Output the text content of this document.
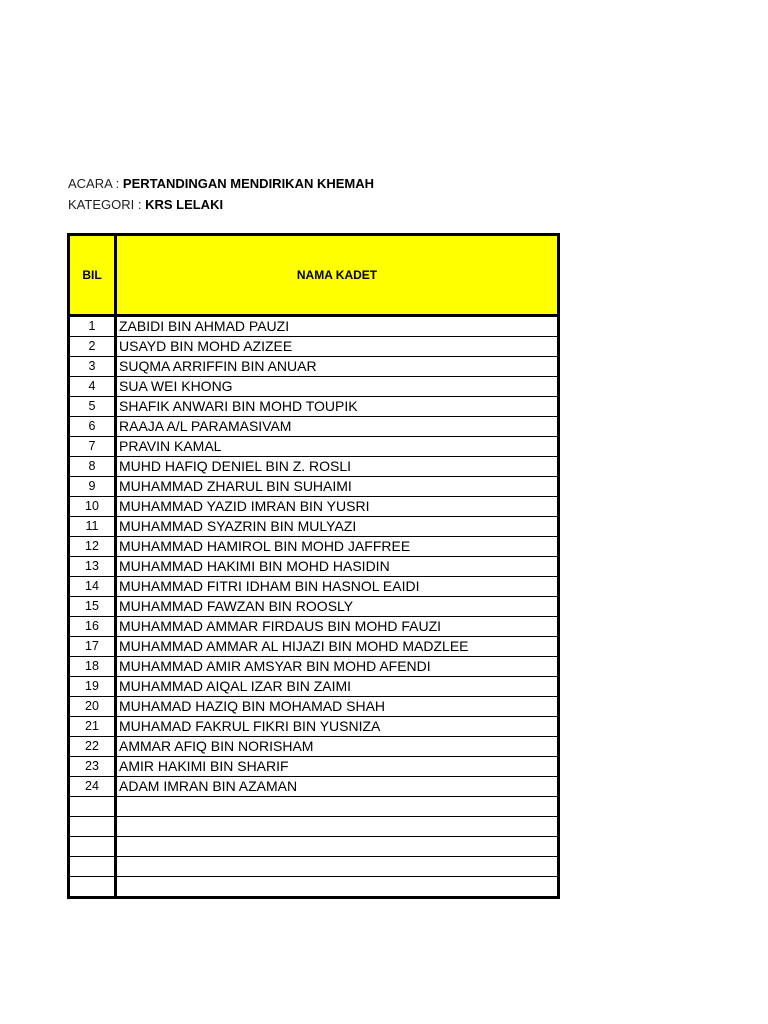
ACARA : PERTANDINGAN MENDIRIKAN KHEMAH
KATEGORI : KRS LELAKI
BIL	NAMA KADET
1	ZABIDI BIN AHMAD PAUZI
2	USAYD BIN MOHD AZIZEE
3	SUQMA ARRIFFIN BIN ANUAR
4	SUA WEI KHONG
5	SHAFIK ANWARI BIN MOHD TOUPIK
6	RAAJA A/L PARAMASIVAM
7	PRAVIN KAMAL
8	MUHD HAFIQ DENIEL BIN Z. ROSLI
9	MUHAMMAD ZHARUL BIN SUHAIMI
10	MUHAMMAD YAZID IMRAN BIN YUSRI
11	MUHAMMAD SYAZRIN BIN MULYAZI
12	MUHAMMAD HAMIROL BIN MOHD JAFFREE
13	MUHAMMAD HAKIMI BIN MOHD HASIDIN
14	MUHAMMAD FITRI IDHAM BIN HASNOL EAIDI
15	MUHAMMAD FAWZAN BIN ROOSLY
16	MUHAMMAD AMMAR FIRDAUS BIN MOHD FAUZI
17	MUHAMMAD AMMAR AL HIJAZI BIN MOHD MADZLEE
18	MUHAMMAD AMIR AMSYAR BIN MOHD AFENDI
19	MUHAMMAD AIQAL IZAR BIN ZAIMI
20	MUHAMAD HAZIQ BIN MOHAMAD SHAH
21	MUHAMAD FAKRUL FIKRI BIN YUSNIZA
22	AMMAR AFIQ BIN NORISHAM
23	AMIR HAKIMI BIN SHARIF
24	ADAM IMRAN BIN AZAMAN
